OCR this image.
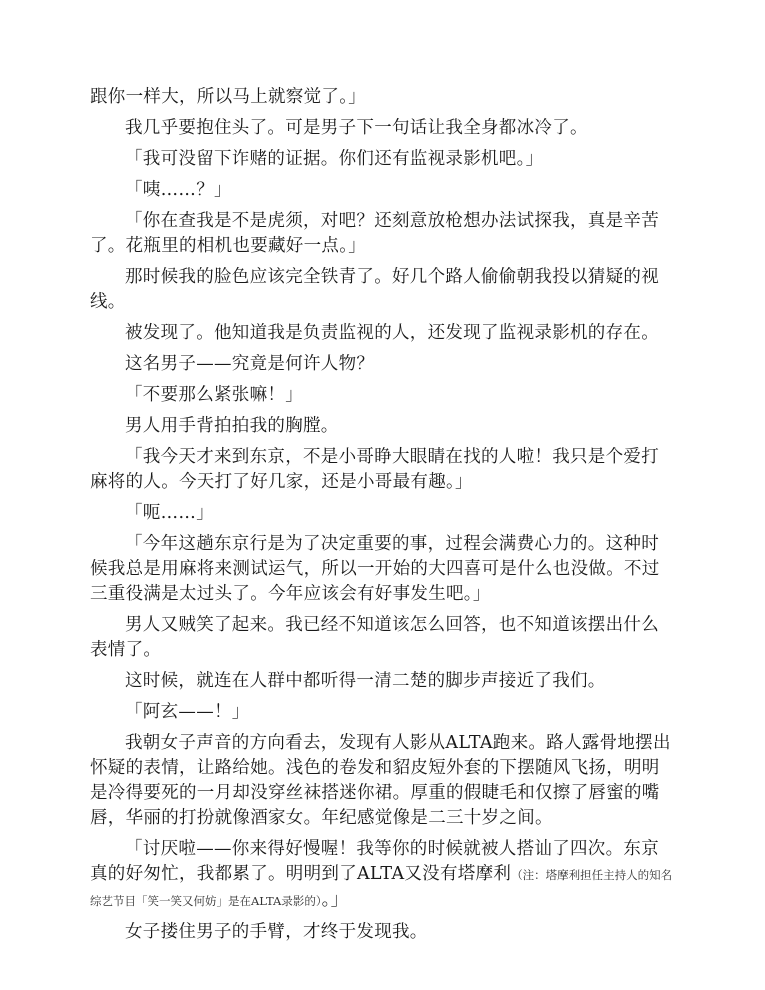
跟你一样大，所以马上就察觉了。」

我几乎要抱住头了。可是男子下一句话让我全身都冰冷了。

「我可没留下诈赌的证据。你们还有监视录影机吧。」

「咦……？」

「你在查我是不是虎须，对吧？还刻意放枪想办法试探我，真是辛苦了。花瓶里的相机也要藏好一点。」

那时候我的脸色应该完全铁青了。好几个路人偷偷朝我投以猜疑的视线。

被发现了。他知道我是负责监视的人，还发现了监视录影机的存在。

这名男子——究竟是何许人物？

「不要那么紧张嘛！」

男人用手背拍拍我的胸膛。

「我今天才来到东京，不是小哥睁大眼睛在找的人啦！我只是个爱打麻将的人。今天打了好几家，还是小哥最有趣。」

「呃……」

「今年这趟东京行是为了决定重要的事，过程会满费心力的。这种时候我总是用麻将来测试运气，所以一开始的大四喜可是什么也没做。不过三重役满是太过头了。今年应该会有好事发生吧。」

男人又贼笑了起来。我已经不知道该怎么回答，也不知道该摆出什么表情了。

这时候，就连在人群中都听得一清二楚的脚步声接近了我们。

「阿玄——！」

我朝女子声音的方向看去，发现有人影从ALTA跑来。路人露骨地摆出怀疑的表情，让路给她。浅色的卷发和貂皮短外套的下摆随风飞扬，明明是冷得要死的一月却没穿丝袜搭迷你裙。厚重的假睫毛和仅擦了唇蜜的嘴唇，华丽的打扮就像酒家女。年纪感觉像是二三十岁之间。

「讨厌啦——你来得好慢喔！我等你的时候就被人搭讪了四次。东京真的好匆忙，我都累了。明明到了ALTA又没有塔摩利（注：塔摩利担任主持人的知名综艺节目「笑一笑又何妨」是在ALTA录影的）。」

女子搂住男子的手臂，才终于发现我。
